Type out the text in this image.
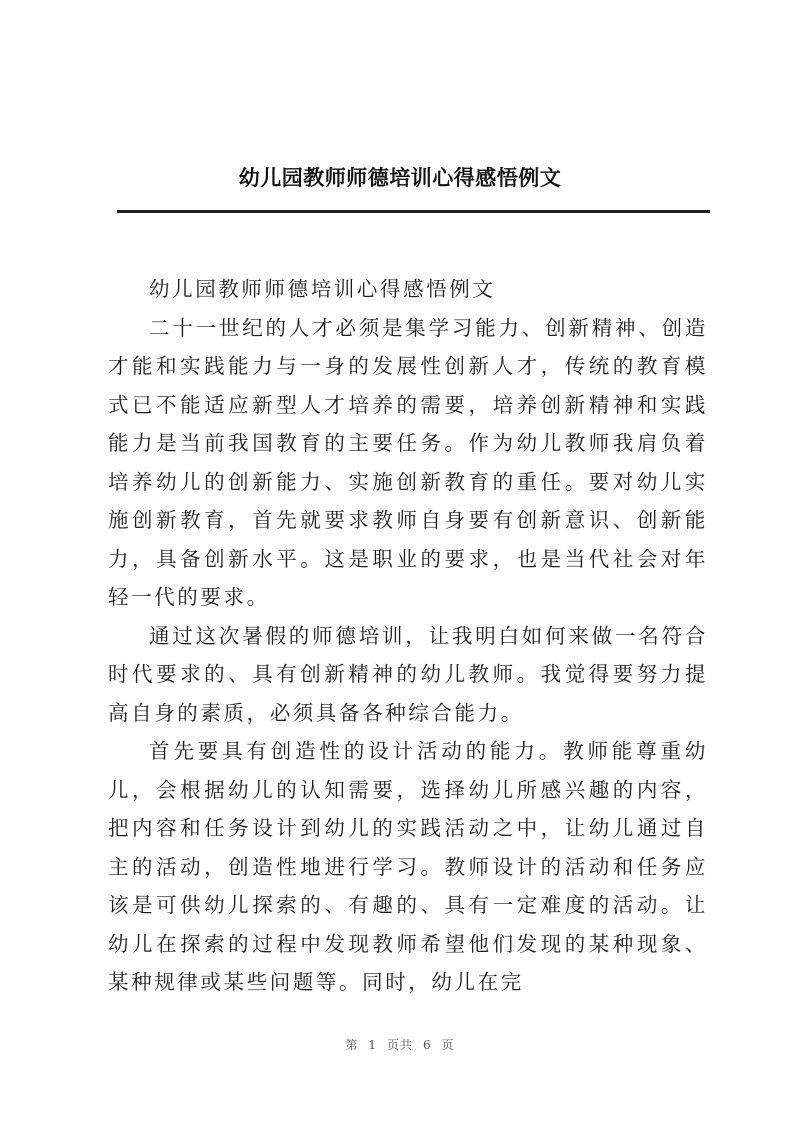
幼儿园教师师德培训心得感悟例文

幼儿园教师师德培训心得感悟例文

二十一世纪的人才必须是集学习能力、创新精神、创造才能和实践能力与一身的发展性创新人才，传统的教育模式已不能适应新型人才培养的需要，培养创新精神和实践能力是当前我国教育的主要任务。作为幼儿教师我肩负着培养幼儿的创新能力、实施创新教育的重任。要对幼儿实施创新教育，首先就要求教师自身要有创新意识、创新能力，具备创新水平。这是职业的要求，也是当代社会对年轻一代的要求。

通过这次暑假的师德培训，让我明白如何来做一名符合时代要求的、具有创新精神的幼儿教师。我觉得要努力提高自身的素质，必须具备各种综合能力。

首先要具有创造性的设计活动的能力。教师能尊重幼儿，会根据幼儿的认知需要，选择幼儿所感兴趣的内容，把内容和任务设计到幼儿的实践活动之中，让幼儿通过自主的活动，创造性地进行学习。教师设计的活动和任务应该是可供幼儿探索的、有趣的、具有一定难度的活动。让幼儿在探索的过程中发现教师希望他们发现的某种现象、某种规律或某些问题等。同时，幼儿在完

第 1 页共 6 页
